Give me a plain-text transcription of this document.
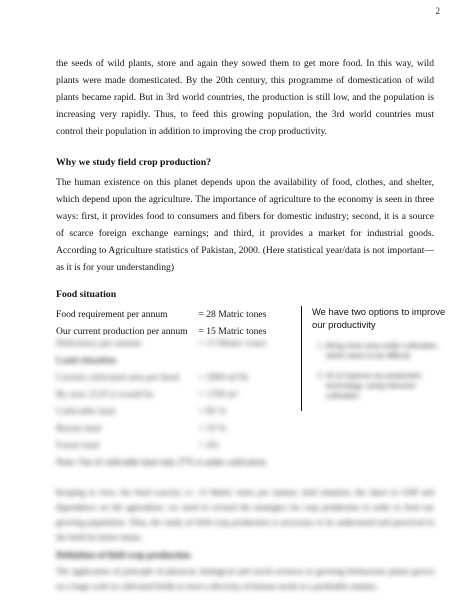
2

the seeds of wild plants, store and again they sowed them to get more food. In this way, wild plants were made domesticated. By the 20th century, this programme of domestication of wild plants became rapid. But in 3rd world countries, the production is still low, and the population is increasing very rapidly. Thus, to feed this growing population, the 3rd world countries must control their population in addition to improving the crop productivity.

Why we study field crop production?

The human existence on this planet depends upon the availability of food, clothes, and shelter, which depend upon the agriculture. The importance of agriculture to the economy is seen in three ways: first, it provides food to consumers and fibers for domestic industry; second, it is a source of scarce foreign exchange earnings; and third, it provides a market for industrial goods. According to Agriculture statistics of Pakistan, 2000. (Here statistical year/data is not important—as it is for your understanding)

Food situation
Food requirement per annum	= 28 Matric tones
Our current production per annum = 15 Matric tones
Deficiency per annum	= 13 Matric tones
Land situation
Current cultivated area per head = 2000 m²/hr
By year 2125 it would be	= 1700 m²
Cultivable land	= 85 %
Barren land	= 10 %
Forest land	= 4%
Note: Out of cultivable land only 27% is under cultivation

Keeping in view, the food scarcity i.e. 13 Matric tones per annum, land situation, the share in GDP and dependence on the agriculture, we need to revised the strategies for crop production in order to feed our growing population. Thus, the study of field crop production is necessary to be understood and practiced in the field for better future.

Definition of field crop production

The application of principle of physical, biological and social sciences to growing herbaceous plants grown on a large scale in cultivated fields to meet a diversity of human needs in a profitable manner.

We have two options to improve our productivity

1. Bring more area under cultivation, which seem to be difficult.
2. Or to improve our production technology, using intensive cultivation
